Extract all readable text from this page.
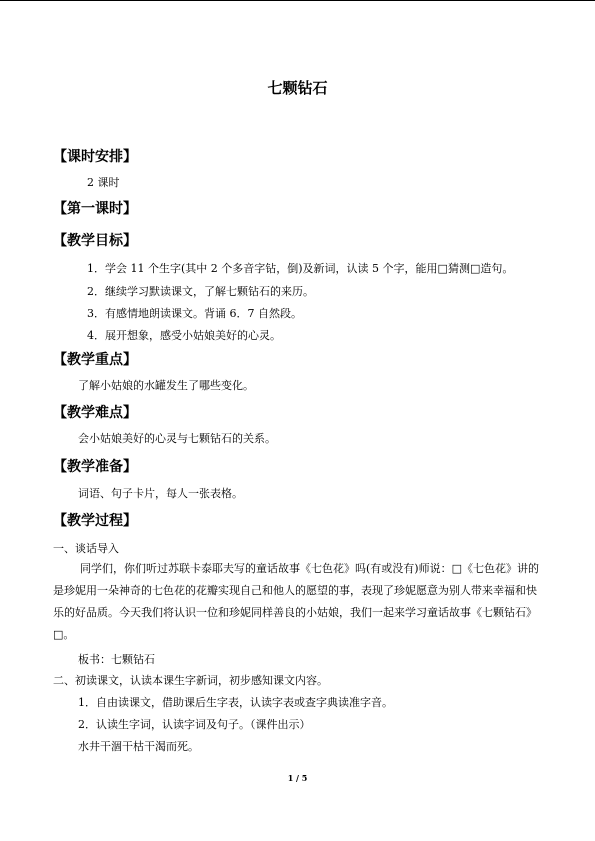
七颗钻石
【课时安排】
2 课时
【第一课时】
【教学目标】
1．学会 11 个生字(其中 2 个多音字钻，倒)及新词，认读 5 个字，能用□猜测□造句。
2．继续学习默读课文，了解七颗钻石的来历。
3．有感情地朗读课文。背诵 6．7 自然段。
4．展开想象，感受小姑娘美好的心灵。
【教学重点】
了解小姑娘的水罐发生了哪些变化。
【教学难点】
会小姑娘美好的心灵与七颗钻石的关系。
【教学准备】
词语、句子卡片，每人一张表格。
【教学过程】
一、谈话导入
同学们，你们听过苏联卡泰耶夫写的童话故事《七色花》吗(有或没有)师说：□《七色花》讲的是珍妮用一朵神奇的七色花的花瓣实现自己和他人的愿望的事，表现了珍妮愿意为别人带来幸福和快乐的好品质。今天我们将认识一位和珍妮同样善良的小姑娘，我们一起来学习童话故事《七颗钻石》□。
板书：七颗钻石
二、初读课文，认读本课生字新词，初步感知课文内容。
1．自由读课文，借助课后生字表，认读字表或查字典读准字音。
2．认读生字词，认读字词及句子。（课件出示）
水井干涸干枯干渴而死。
1 / 5
